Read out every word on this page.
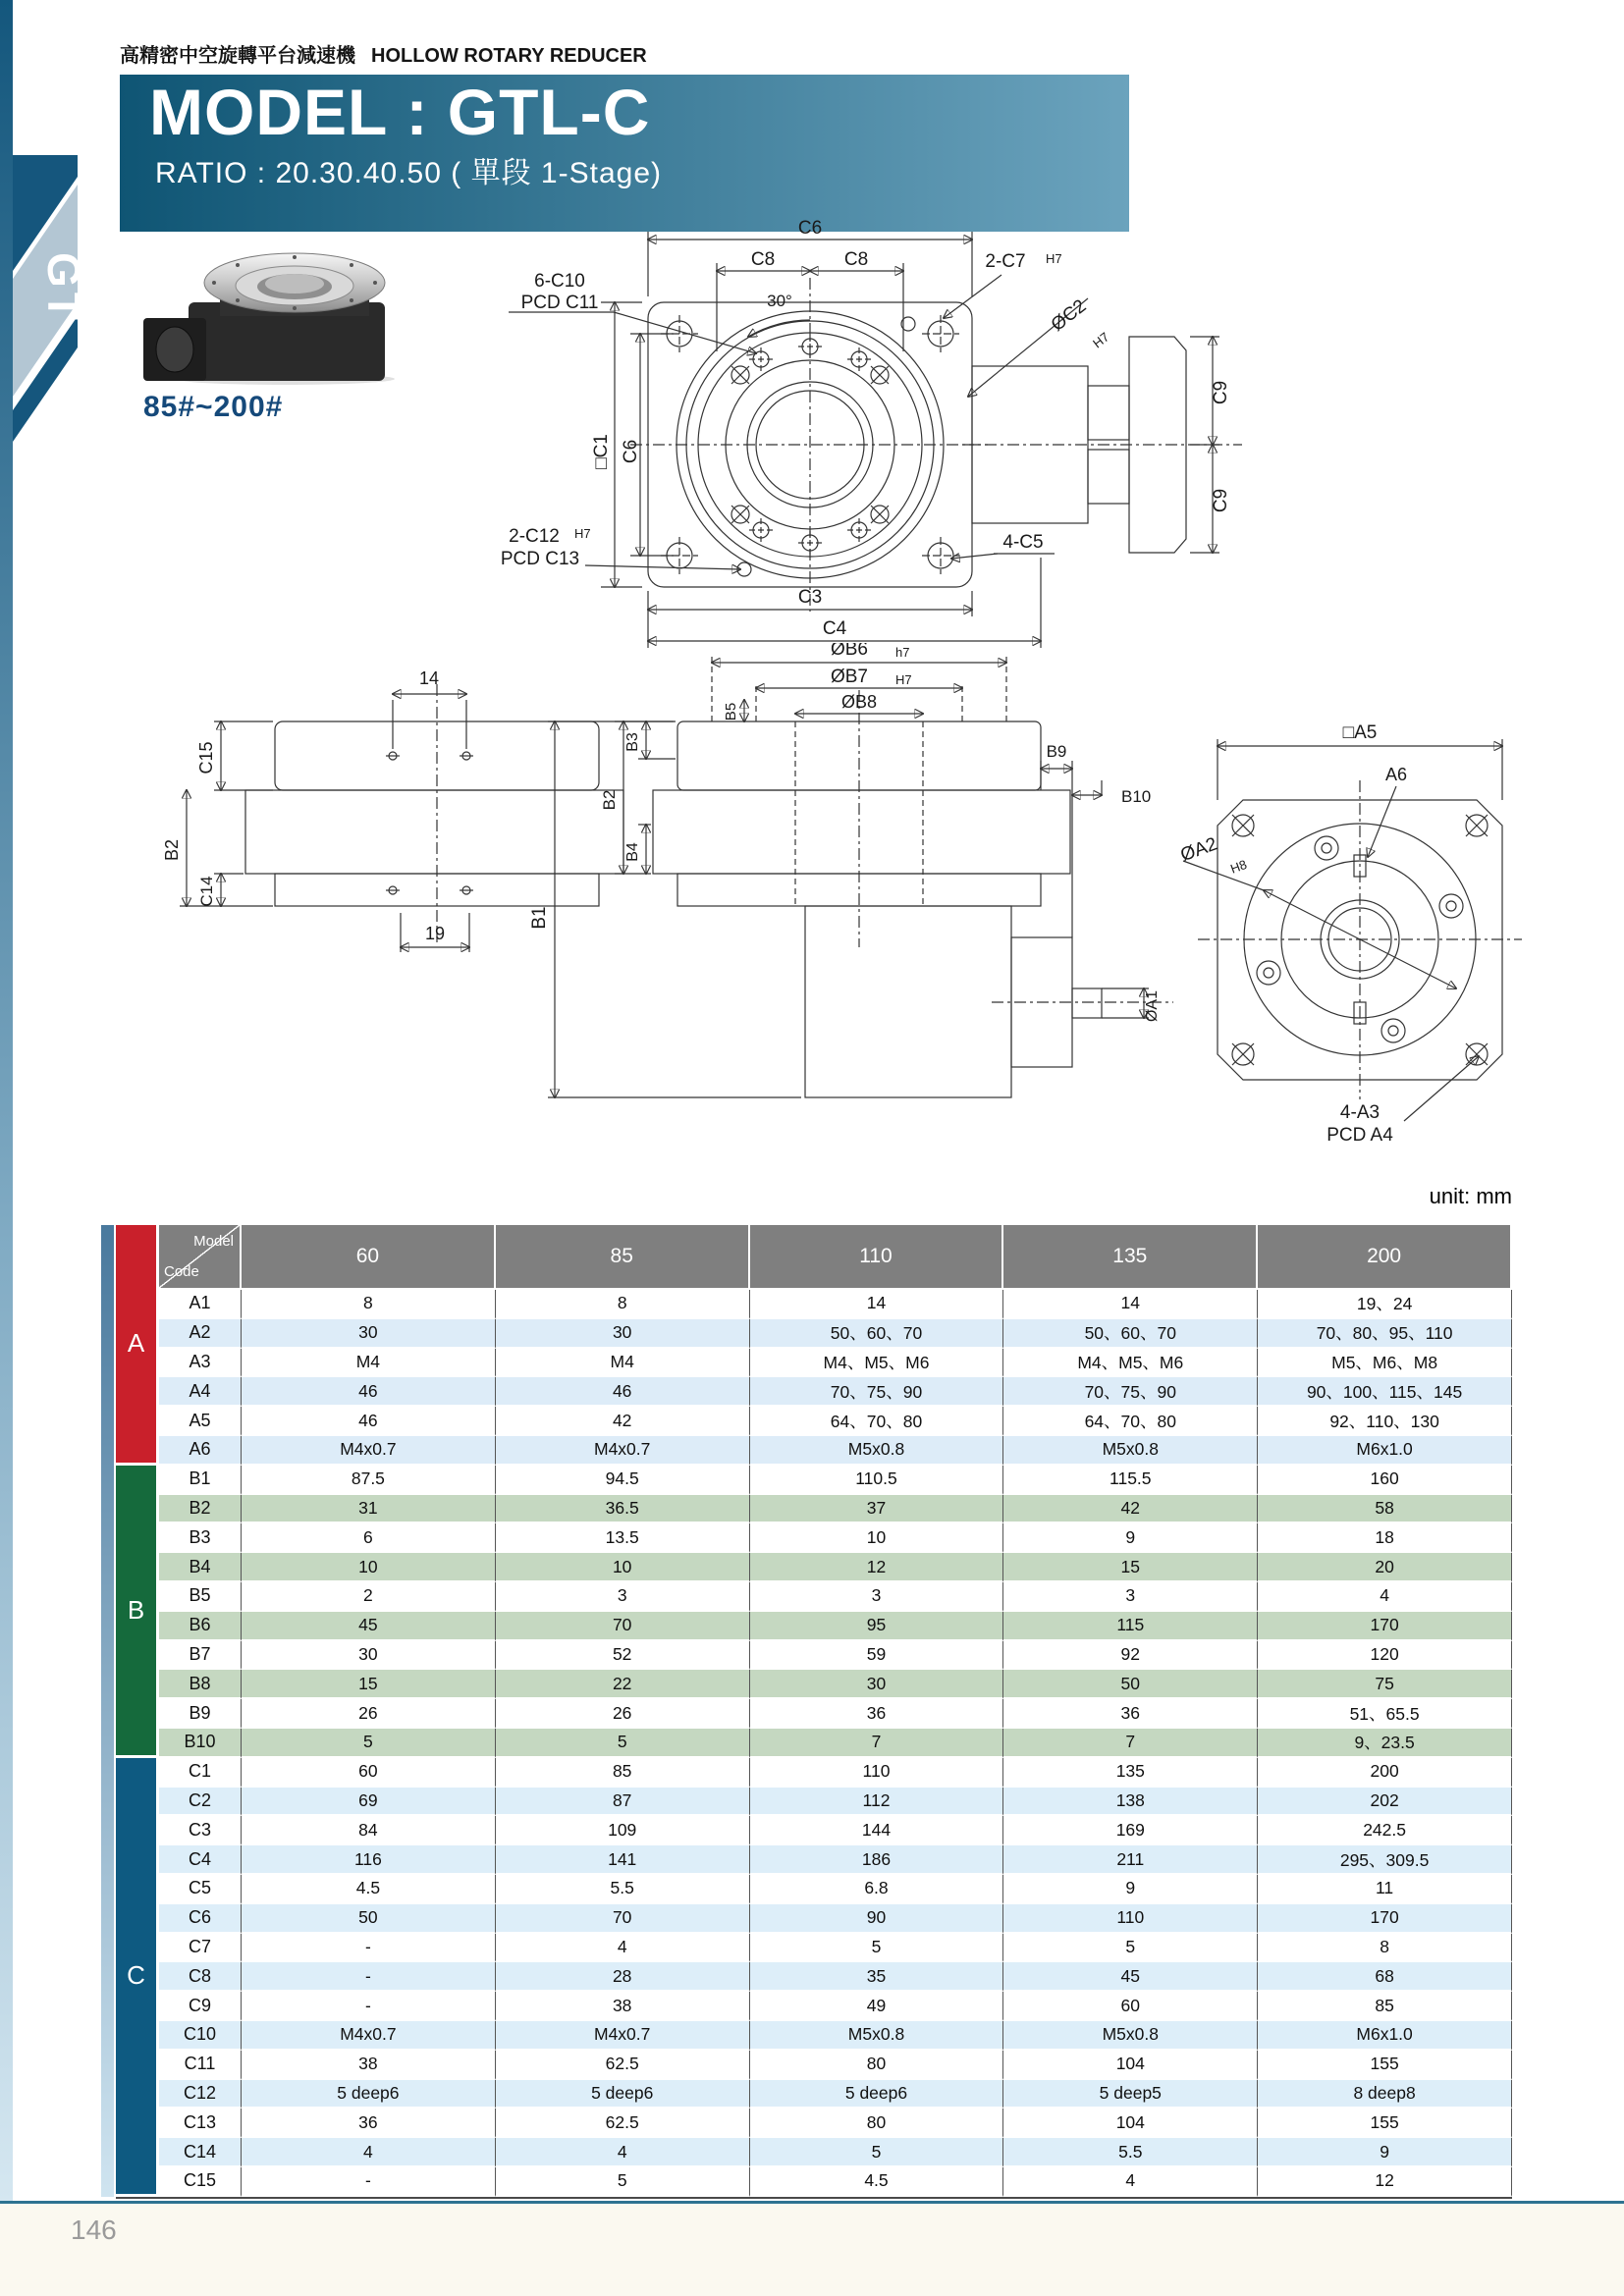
GT
高精密中空旋轉平台減速機 HOLLOW ROTARY REDUCER
MODEL : GTL-C
RATIO : 20.30.40.50 ( 單段 1-Stage)
85#~200#
C6
C8	C8
30°
6-C10
PCD C11
2-C7 H7
ØC2
H7
□C1 C6
2-C12 H7
PCD C13
4-C5
C3
C4
C9
C9
14
C15
B2
C14
19
ØB6 h7
ØB7 H7
ØB8
B5
B3
B2
B4
B1
B9
B10
ØA1
□A5
A6
ØA2
H8
4-A3
PCD A4
unit: mm
A	Model
Code	60	85	110	135	200
	A1	8	8	14	14	19、24
	A2	30	30	50、60、70	50、60、70	70、80、95、110
	A3	M4	M4	M4、M5、M6	M4、M5、M6	M5、M6、M8
	A4	46	46	70、75、90	70、75、90	90、100、115、145
	A5	46	42	64、70、80	64、70、80	92、110、130
	A6	M4x0.7	M4x0.7	M5x0.8	M5x0.8	M6x1.0
B	B1	87.5	94.5	110.5	115.5	160
	B2	31	36.5	37	42	58
	B3	6	13.5	10	9	18
	B4	10	10	12	15	20
	B5	2	3	3	3	4
	B6	45	70	95	115	170
	B7	30	52	59	92	120
	B8	15	22	30	50	75
	B9	26	26	36	36	51、65.5
	B10	5	5	7	7	9、23.5
C	C1	60	85	110	135	200
	C2	69	87	112	138	202
	C3	84	109	144	169	242.5
	C4	116	141	186	211	295、309.5
	C5	4.5	5.5	6.8	9	11
	C6	50	70	90	110	170
	C7	-	4	5	5	8
	C8	-	28	35	45	68
	C9	-	38	49	60	85
	C10	M4x0.7	M4x0.7	M5x0.8	M5x0.8	M6x1.0
	C11	38	62.5	80	104	155
	C12	5 deep6	5 deep6	5 deep6	5 deep5	8 deep8
	C13	36	62.5	80	104	155
	C14	4	4	5	5.5	9
	C15	-	5	4.5	4	12
146
